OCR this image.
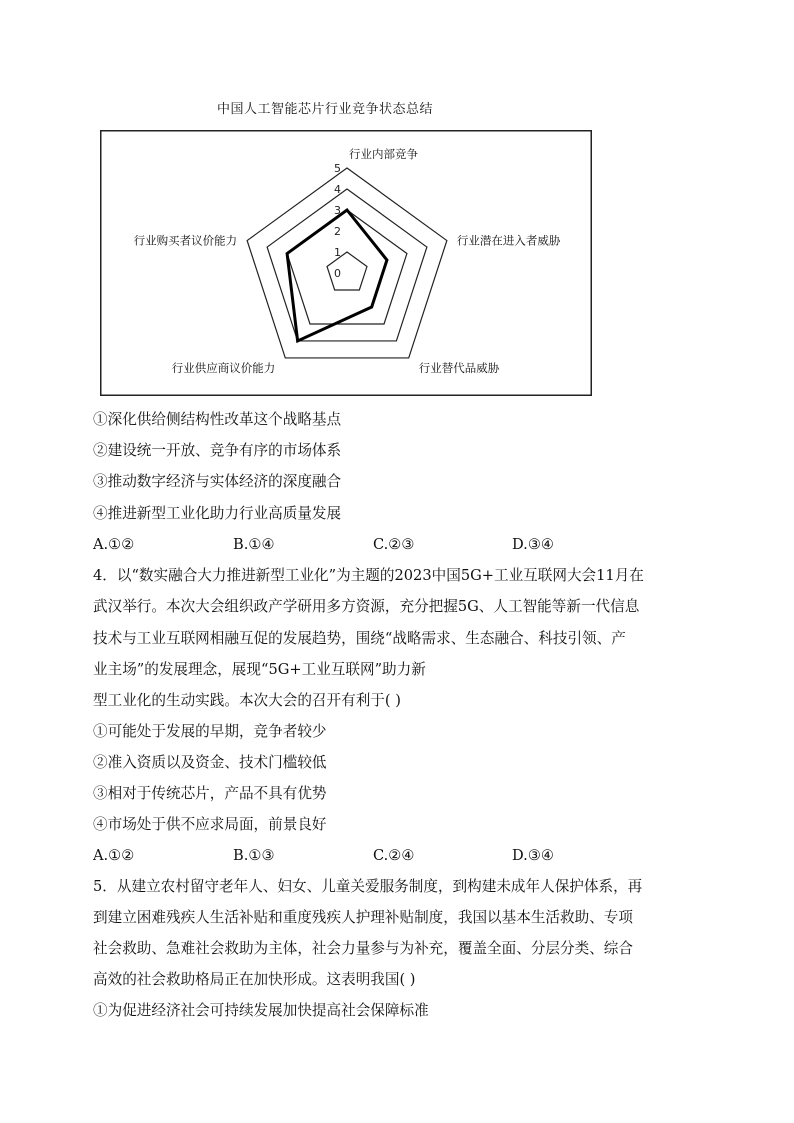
中国人工智能芯片行业竞争状态总结
0
1
2
3
4
5
行业内部竞争
行业潜在进入者威胁
行业替代品威胁
行业供应商议价能力
行业购买者议价能力
①深化供给侧结构性改革这个战略基点
②建设统一开放、竞争有序的市场体系
③推动数字经济与实体经济的深度融合
④推进新型工业化助力行业高质量发展
A.①②	B.①④	C.②③	D.③④
4．以“数实融合大力推进新型工业化”为主题的2023中国5G+工业互联网大会11月在
武汉举行。本次大会组织政产学研用多方资源，充分把握5G、人工智能等新一代信息
技术与工业互联网相融互促的发展趋势，围绕“战略需求、生态融合、科技引领、产
业主场”的发展理念，展现“5G+工业互联网”助力新
型工业化的生动实践。本次大会的召开有利于( )
①可能处于发展的早期，竞争者较少
②准入资质以及资金、技术门槛较低
③相对于传统芯片，产品不具有优势
④市场处于供不应求局面，前景良好
A.①②	B.①③	C.②④	D.③④
5．从建立农村留守老年人、妇女、儿童关爱服务制度，到构建未成年人保护体系，再
到建立困难残疾人生活补贴和重度残疾人护理补贴制度，我国以基本生活救助、专项
社会救助、急难社会救助为主体，社会力量参与为补充，覆盖全面、分层分类、综合
高效的社会救助格局正在加快形成。这表明我国( )
①为促进经济社会可持续发展加快提高社会保障标准
